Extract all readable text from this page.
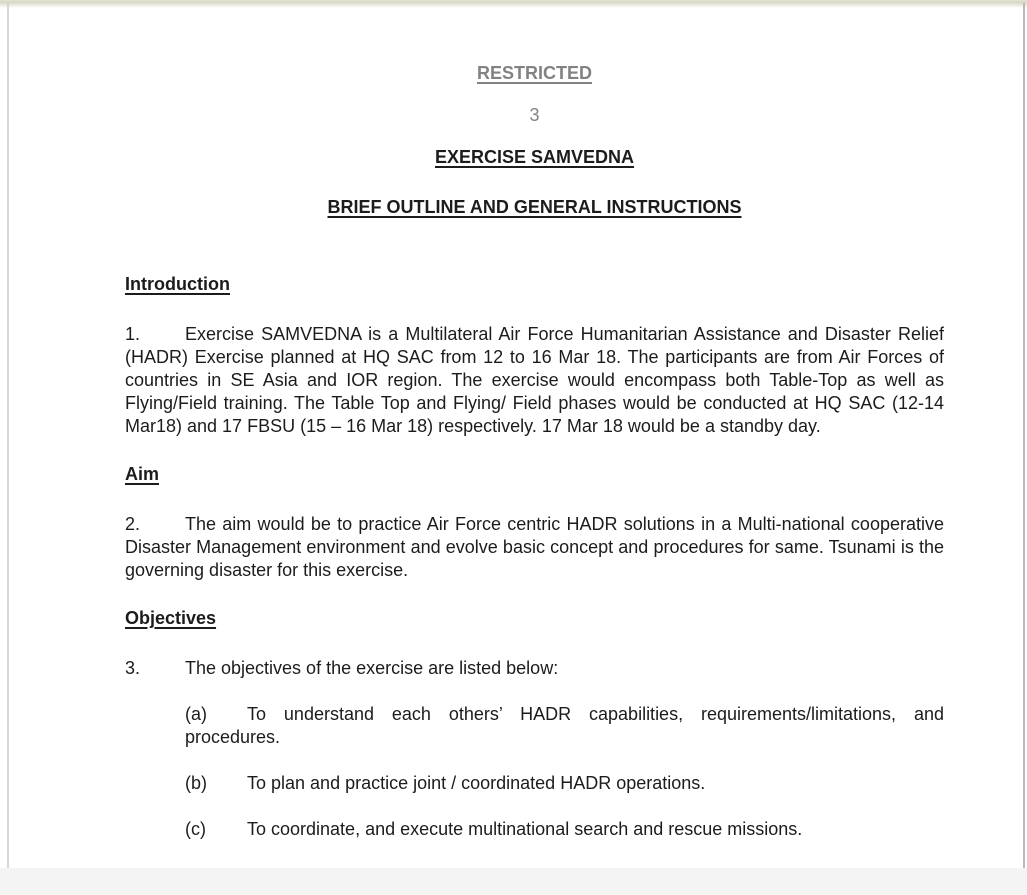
RESTRICTED
3
EXERCISE SAMVEDNA
BRIEF OUTLINE AND GENERAL INSTRUCTIONS
Introduction

1. Exercise SAMVEDNA is a Multilateral Air Force Humanitarian Assistance and Disaster Relief (HADR) Exercise planned at HQ SAC from 12 to 16 Mar 18. The participants are from Air Forces of countries in SE Asia and IOR region. The exercise would encompass both Table-Top as well as Flying/Field training. The Table Top and Flying/ Field phases would be conducted at HQ SAC (12-14 Mar18) and 17 FBSU (15 – 16 Mar 18) respectively. 17 Mar 18 would be a standby day.

Aim

2. The aim would be to practice Air Force centric HADR solutions in a Multi-national cooperative Disaster Management environment and evolve basic concept and procedures for same. Tsunami is the governing disaster for this exercise.

Objectives

3. The objectives of the exercise are listed below:

(a) To understand each others’ HADR capabilities, requirements/limitations, and procedures.

(b) To plan and practice joint / coordinated HADR operations.

(c) To coordinate, and execute multinational search and rescue missions.
